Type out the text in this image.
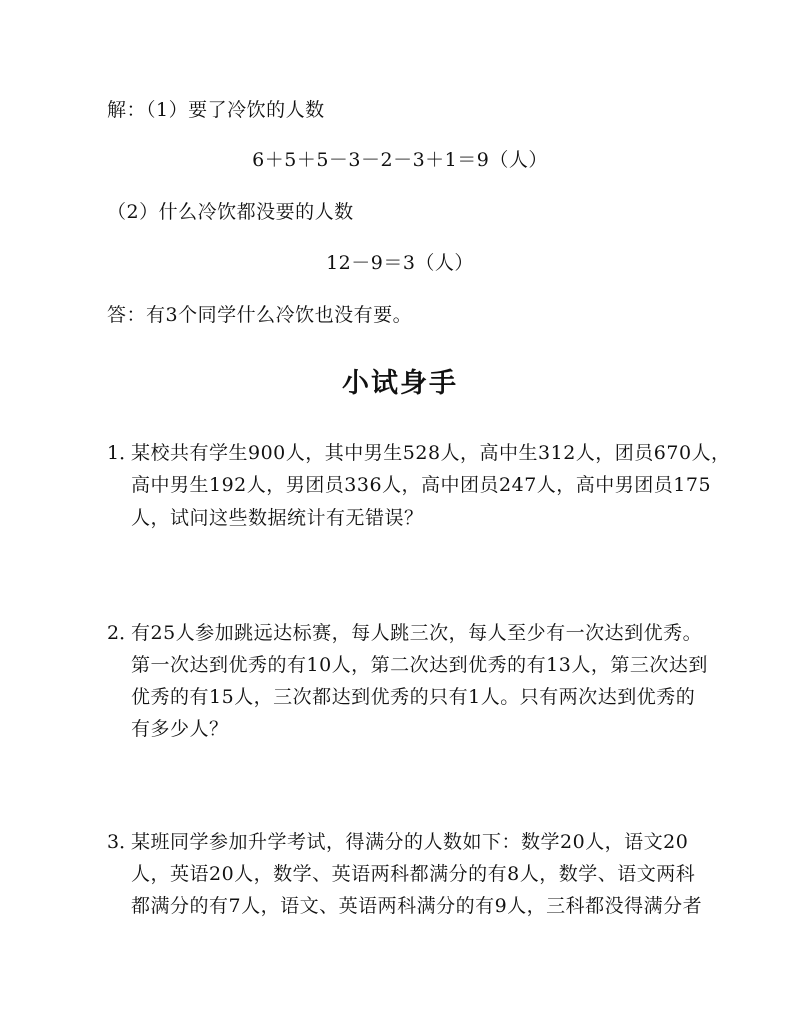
解：（1）要了冷饮的人数
6＋5＋5－3－2－3＋1＝9（人）
（2）什么冷饮都没要的人数
12－9＝3（人）
答：有3个同学什么冷饮也没有要。
小试身手
1．
某校共有学生900人，其中男生528人，高中生312人，团员670人，
高中男生192人，男团员336人，高中团员247人，高中男团员175
人，试问这些数据统计有无错误？
2．
有25人参加跳远达标赛，每人跳三次，每人至少有一次达到优秀。
第一次达到优秀的有10人，第二次达到优秀的有13人，第三次达到
优秀的有15人，三次都达到优秀的只有1人。只有两次达到优秀的
有多少人？
3．
某班同学参加升学考试，得满分的人数如下：数学20人，语文20
人，英语20人，数学、英语两科都满分的有8人，数学、语文两科
都满分的有7人，语文、英语两科满分的有9人，三科都没得满分者
